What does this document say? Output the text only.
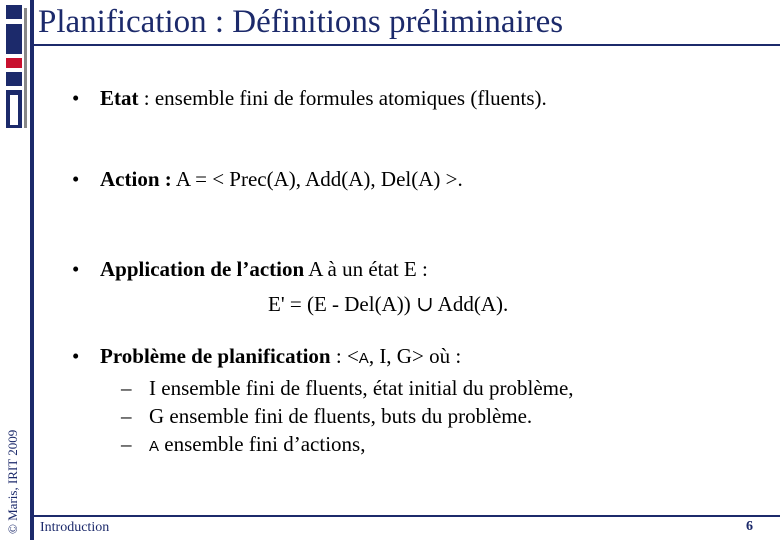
© Maris, IRIT 2009
Planification : Définitions préliminaires
• Etat : ensemble fini de formules atomiques (fluents).
• Action : A = < Prec(A), Add(A), Del(A) >.
• Application de l’action A à un état E :
E' = (E - Del(A)) ∪ Add(A).
• Problème de planification : <A, I, G> où :
– I ensemble fini de fluents, état initial du problème,
– G ensemble fini de fluents, buts du problème.
– A ensemble fini d’actions,
Introduction	6
